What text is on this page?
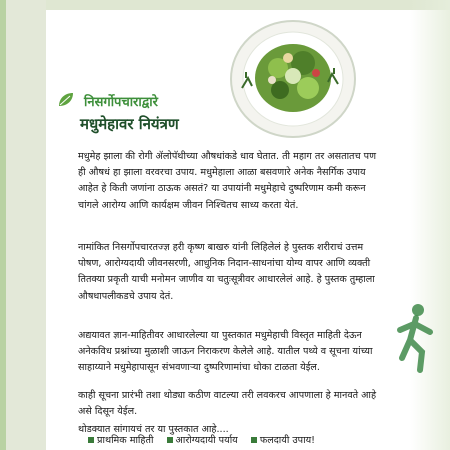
निसर्गोपचाराद्वारे
मधुमेहावर नियंत्रण

मधुमेह झाला की रोगी ॲलोपॅथीच्या औषधांकडे धाव घेतात. ती महाग तर असतातच पण ही औषधं हा झाला वरवरचा उपाय. मधुमेहाला आळा बसवणारे अनेक नैसर्गिक उपाय आहेत हे किती जणांना ठाऊक असतं? या उपायांनी मधुमेहाचे दुष्परिणाम कमी करून चांगले आरोग्य आणि कार्यक्षम जीवन निश्चितच साध्य करता येतं.

नामांकित निसर्गोपचारतज्ज्ञ हरी कृष्ण बाखरु यांनी लिहिलेलं हे पुस्तक शरीराचं उत्तम पोषण, आरोग्यदायी जीवनसरणी, आधुनिक निदान-साधनांचा योग्य वापर आणि व्यक्ती तितक्या प्रकृती याची मनोमन जाणीव या चतुःसूत्रीवर आधारलेलं आहे. हे पुस्तक तुम्हाला औषधापलीकडचे उपाय देतं.

अद्ययावत ज्ञान-माहितीवर आधारलेल्या या पुस्तकात मधुमेहाची विस्तृत माहिती देऊन अनेकविध प्रश्नांच्या मुळाशी जाऊन निराकरण केलेले आहे. यातील पथ्ये व सूचना यांच्या साहाय्याने मधुमेहापासून संभवणाऱ्या दुष्परिणामांचा धोका टाळता येईल.

काही सूचना प्रारंभी तशा थोड्या कठीण वाटल्या तरी लवकरच आपणाला हे मानवते आहे असे दिसून येईल.

थोडक्यात सांगायचं तर या पुस्तकात आहे....

प्राथमिक माहिती आरोग्यदायी पर्याय फलदायी उपाय!
